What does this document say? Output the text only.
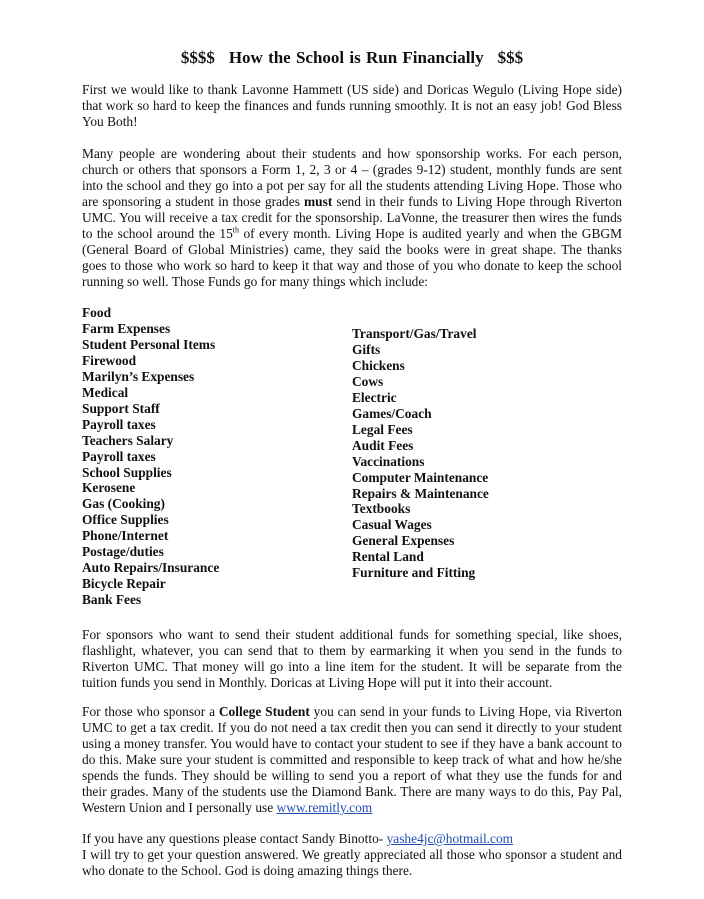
$$$$ How the School is Run Financially $$$

First we would like to thank Lavonne Hammett (US side) and Doricas Wegulo (Living Hope side) that work so hard to keep the finances and funds running smoothly. It is not an easy job! God Bless You Both!

Many people are wondering about their students and how sponsorship works. For each person, church or others that sponsors a Form 1, 2, 3 or 4 – (grades 9-12) student, monthly funds are sent into the school and they go into a pot per say for all the students attending Living Hope. Those who are sponsoring a student in those grades must send in their funds to Living Hope through Riverton UMC. You will receive a tax credit for the sponsorship. LaVonne, the treasurer then wires the funds to the school around the 15th of every month. Living Hope is audited yearly and when the GBGM (General Board of Global Ministries) came, they said the books were in great shape. The thanks goes to those who work so hard to keep it that way and those of you who donate to keep the school running so well. Those Funds go for many things which include:

Food
Farm Expenses
Student Personal Items
Firewood
Marilyn’s Expenses
Medical
Support Staff
Payroll taxes
Teachers Salary
Payroll taxes
School Supplies
Kerosene
Gas (Cooking)
Office Supplies
Phone/Internet
Postage/duties
Auto Repairs/Insurance
Bicycle Repair
Bank Fees
Transport/Gas/Travel
Gifts
Chickens
Cows
Electric
Games/Coach
Legal Fees
Audit Fees
Vaccinations
Computer Maintenance
Repairs & Maintenance
Textbooks
Casual Wages
General Expenses
Rental Land
Furniture and Fitting

For sponsors who want to send their student additional funds for something special, like shoes, flashlight, whatever, you can send that to them by earmarking it when you send in the funds to Riverton UMC. That money will go into a line item for the student. It will be separate from the tuition funds you send in Monthly. Doricas at Living Hope will put it into their account.

For those who sponsor a College Student you can send in your funds to Living Hope, via Riverton UMC to get a tax credit. If you do not need a tax credit then you can send it directly to your student using a money transfer. You would have to contact your student to see if they have a bank account to do this. Make sure your student is committed and responsible to keep track of what and how he/she spends the funds. They should be willing to send you a report of what they use the funds for and their grades. Many of the students use the Diamond Bank. There are many ways to do this, Pay Pal, Western Union and I personally use www.remitly.com

If you have any questions please contact Sandy Binotto- yashe4jc@hotmail.com
I will try to get your question answered. We greatly appreciated all those who sponsor a student and who donate to the School. God is doing amazing things there.
